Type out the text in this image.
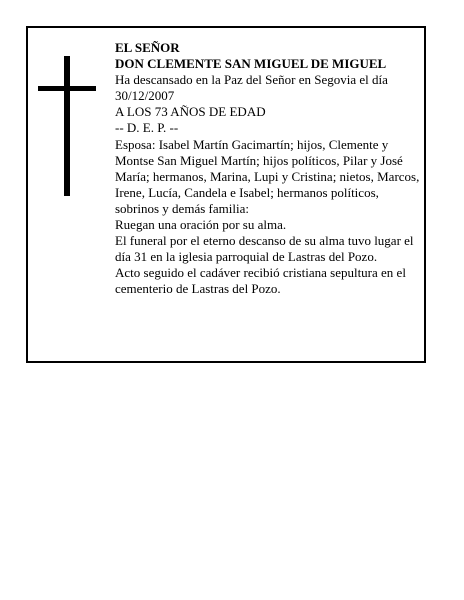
EL SEÑOR

DON CLEMENTE SAN MIGUEL DE MIGUEL

Ha descansado en la Paz del Señor en Segovia el día 30/12/2007

A LOS 73 AÑOS DE EDAD

-- D. E. P. --

Esposa: Isabel Martín Gacimartín; hijos, Clemente y Montse San Miguel Martín; hijos políticos, Pilar y José María; hermanos, Marina, Lupi y Cristina; nietos, Marcos, Irene, Lucía, Candela e Isabel; hermanos políticos, sobrinos y demás familia:

Ruegan una oración por su alma.

El funeral por el eterno descanso de su alma tuvo lugar el día 31 en la iglesia parroquial de Lastras del Pozo.

Acto seguido el cadáver recibió cristiana sepultura en el cementerio de Lastras del Pozo.
